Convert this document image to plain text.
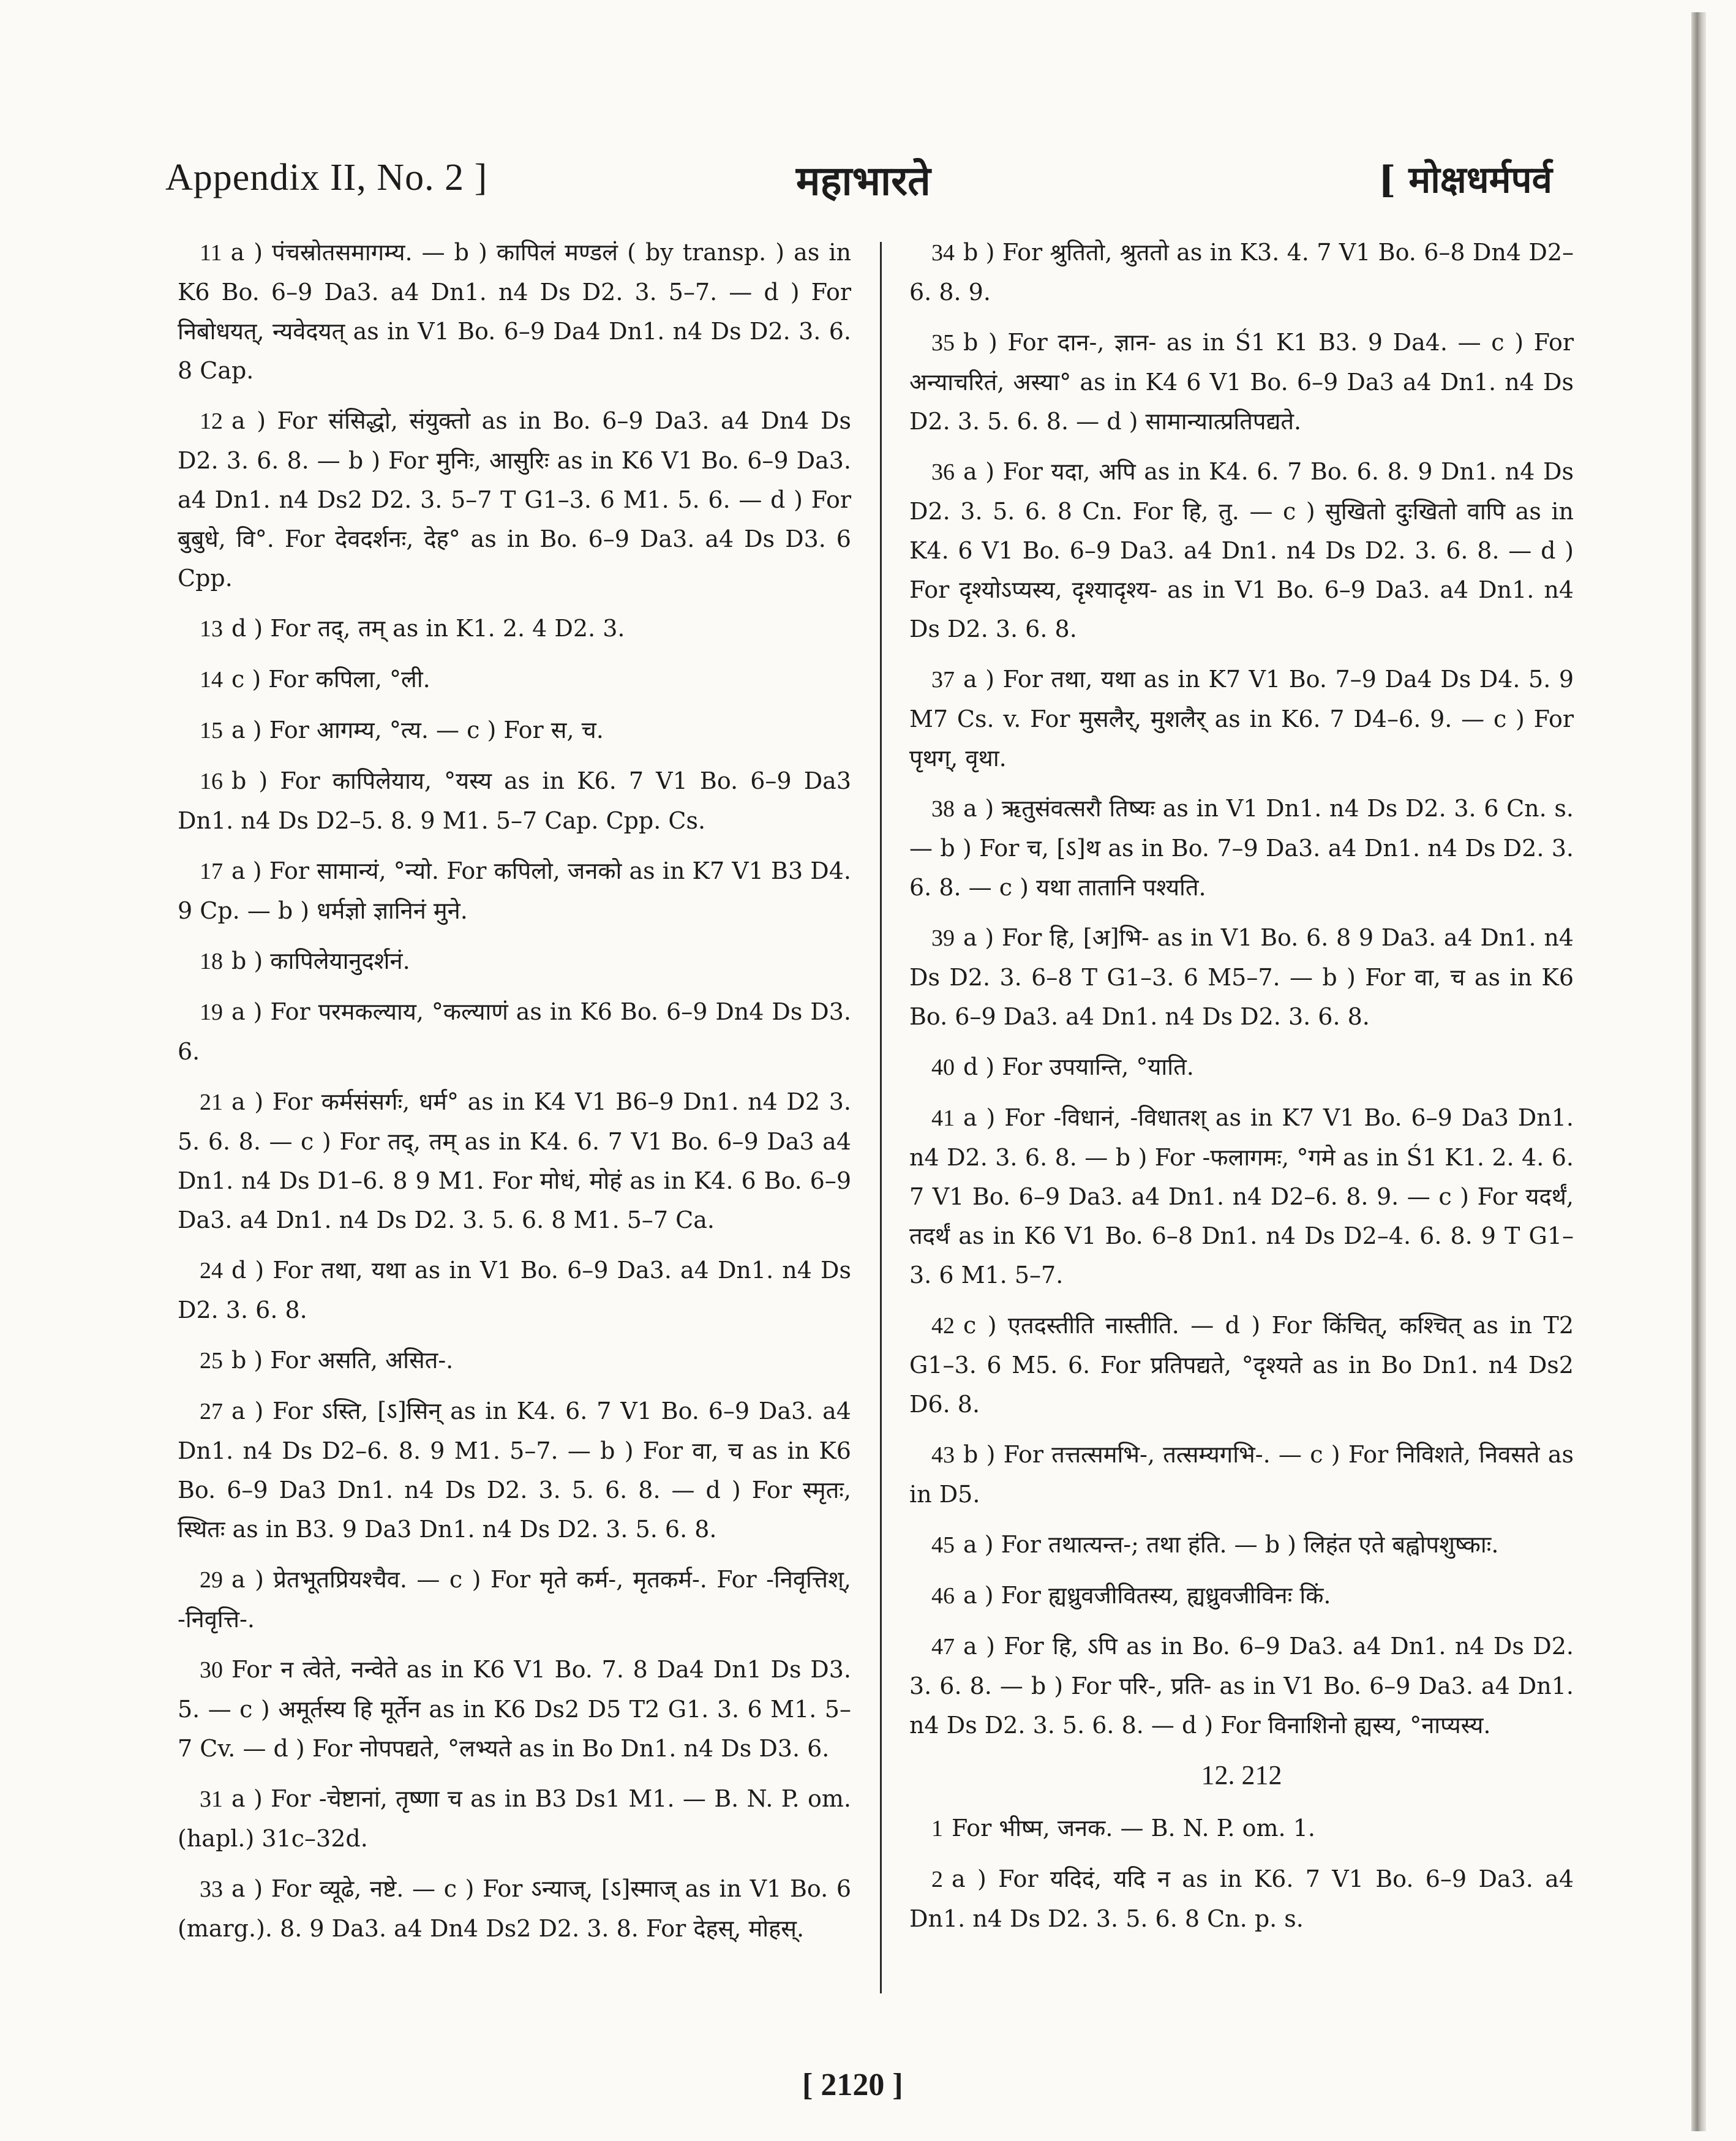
Appendix II, No. 2 ]	महाभारते	[ मोक्षधर्मपर्व

11 a ) पंचस्रोतसमागम्य. — b ) कापिलं मण्डलं ( by transp. ) as in K6 Bo. 6–9 Da3. a4 Dn1. n4 Ds D2. 3. 5–7. — d ) For निबोधयत्, न्यवेदयत् as in V1 Bo. 6–9 Da4 Dn1. n4 Ds D2. 3. 6. 8 Cap.

12 a ) For संसिद्धो, संयुक्तो as in Bo. 6–9 Da3. a4 Dn4 Ds D2. 3. 6. 8. — b ) For मुनिः, आसुरिः as in K6 V1 Bo. 6–9 Da3. a4 Dn1. n4 Ds2 D2. 3. 5–7 T G1–3. 6 M1. 5. 6. — d ) For बुबुधे, वि°. For देवदर्शनः, देह° as in Bo. 6–9 Da3. a4 Ds D3. 6 Cpp.

13 d ) For तद्, तम् as in K1. 2. 4 D2. 3.

14 c ) For कपिला, °ली.

15 a ) For आगम्य, °त्य. — c ) For स, च.

16 b ) For कापिलेयाय, °यस्य as in K6. 7 V1 Bo. 6–9 Da3 Dn1. n4 Ds D2–5. 8. 9 M1. 5–7 Cap. Cpp. Cs.

17 a ) For सामान्यं, °न्यो. For कपिलो, जनको as in K7 V1 B3 D4. 9 Cp. — b ) धर्मज्ञो ज्ञानिनं मुने.

18 b ) कापिलेयानुदर्शनं.

19 a ) For परमकल्याय, °कल्याणं as in K6 Bo. 6–9 Dn4 Ds D3. 6.

21 a ) For कर्मसंसर्गः, धर्म° as in K4 V1 B6–9 Dn1. n4 D2 3. 5. 6. 8. — c ) For तद्, तम् as in K4. 6. 7 V1 Bo. 6–9 Da3 a4 Dn1. n4 Ds D1–6. 8 9 M1. For मोधं, मोहं as in K4. 6 Bo. 6–9 Da3. a4 Dn1. n4 Ds D2. 3. 5. 6. 8 M1. 5–7 Ca.

24 d ) For तथा, यथा as in V1 Bo. 6–9 Da3. a4 Dn1. n4 Ds D2. 3. 6. 8.

25 b ) For असति, असित-.

27 a ) For ऽस्ति, [ऽ]सिन् as in K4. 6. 7 V1 Bo. 6–9 Da3. a4 Dn1. n4 Ds D2–6. 8. 9 M1. 5–7. — b ) For वा, च as in K6 Bo. 6–9 Da3 Dn1. n4 Ds D2. 3. 5. 6. 8. — d ) For स्मृतः, स्थितः as in B3. 9 Da3 Dn1. n4 Ds D2. 3. 5. 6. 8.

29 a ) प्रेतभूतप्रियश्चैव. — c ) For मृते कर्म-, मृतकर्म-. For -निवृत्तिश्, -निवृत्ति-.

30 For न त्वेते, नन्वेते as in K6 V1 Bo. 7. 8 Da4 Dn1 Ds D3. 5. — c ) अमूर्तस्य हि मूर्तेन as in K6 Ds2 D5 T2 G1. 3. 6 M1. 5–7 Cv. — d ) For नोपपद्यते, °लभ्यते as in Bo Dn1. n4 Ds D3. 6.

31 a ) For -चेष्टानां, तृष्णा च as in B3 Ds1 M1. — B. N. P. om. (hapl.) 31c–32d.

33 a ) For व्यूढे, नष्टे. — c ) For ऽन्याज्, [ऽ]स्माज् as in V1 Bo. 6 (marg.). 8. 9 Da3. a4 Dn4 Ds2 D2. 3. 8. For देहस्, मोहस्.

34 b ) For श्रुतितो, श्रुततो as in K3. 4. 7 V1 Bo. 6–8 Dn4 D2–6. 8. 9.

35 b ) For दान-, ज्ञान- as in Ś1 K1 B3. 9 Da4. — c ) For अन्याचरितं, अस्या° as in K4 6 V1 Bo. 6–9 Da3 a4 Dn1. n4 Ds D2. 3. 5. 6. 8. — d ) सामान्यात्प्रतिपद्यते.

36 a ) For यदा, अपि as in K4. 6. 7 Bo. 6. 8. 9 Dn1. n4 Ds D2. 3. 5. 6. 8 Cn. For हि, तु. — c ) सुखितो दुःखितो वापि as in K4. 6 V1 Bo. 6–9 Da3. a4 Dn1. n4 Ds D2. 3. 6. 8. — d ) For दृश्योऽप्यस्य, दृश्यादृश्य- as in V1 Bo. 6–9 Da3. a4 Dn1. n4 Ds D2. 3. 6. 8.

37 a ) For तथा, यथा as in K7 V1 Bo. 7–9 Da4 Ds D4. 5. 9 M7 Cs. v. For मुसलैर्, मुशलैर् as in K6. 7 D4–6. 9. — c ) For पृथग्, वृथा.

38 a ) ऋतुसंवत्सरौ तिष्यः as in V1 Dn1. n4 Ds D2. 3. 6 Cn. s. — b ) For च, [ऽ]थ as in Bo. 7–9 Da3. a4 Dn1. n4 Ds D2. 3. 6. 8. — c ) यथा तातानि पश्यति.

39 a ) For हि, [अ]भि- as in V1 Bo. 6. 8 9 Da3. a4 Dn1. n4 Ds D2. 3. 6–8 T G1–3. 6 M5–7. — b ) For वा, च as in K6 Bo. 6–9 Da3. a4 Dn1. n4 Ds D2. 3. 6. 8.

40 d ) For उपयान्ति, °याति.

41 a ) For -विधानं, -विधातश् as in K7 V1 Bo. 6–9 Da3 Dn1. n4 D2. 3. 6. 8. — b ) For -फलागमः, °गमे as in Ś1 K1. 2. 4. 6. 7 V1 Bo. 6–9 Da3. a4 Dn1. n4 D2–6. 8. 9. — c ) For यदर्थं, तदर्थं as in K6 V1 Bo. 6–8 Dn1. n4 Ds D2–4. 6. 8. 9 T G1–3. 6 M1. 5–7.

42 c ) एतदस्तीति नास्तीति. — d ) For किंचित्, कश्चित् as in T2 G1–3. 6 M5. 6. For प्रतिपद्यते, °दृश्यते as in Bo Dn1. n4 Ds2 D6. 8.

43 b ) For तत्तत्समभि-, तत्सम्यगभि-. — c ) For निविशते, निवसते as in D5.

45 a ) For तथात्यन्त-; तथा हंति. — b ) लिहंत एते बह्वोपशुष्काः.

46 a ) For ह्यध्रुवजीवितस्य, ह्यध्रुवजीविनः किं.

47 a ) For हि, ऽपि as in Bo. 6–9 Da3. a4 Dn1. n4 Ds D2. 3. 6. 8. — b ) For परि-, प्रति- as in V1 Bo. 6–9 Da3. a4 Dn1. n4 Ds D2. 3. 5. 6. 8. — d ) For विनाशिनो ह्यस्य, °नाप्यस्य.

12. 212

1 For भीष्म, जनक. — B. N. P. om. 1.

2 a ) For यदिदं, यदि न as in K6. 7 V1 Bo. 6–9 Da3. a4 Dn1. n4 Ds D2. 3. 5. 6. 8 Cn. p. s.

[ 2120 ]
